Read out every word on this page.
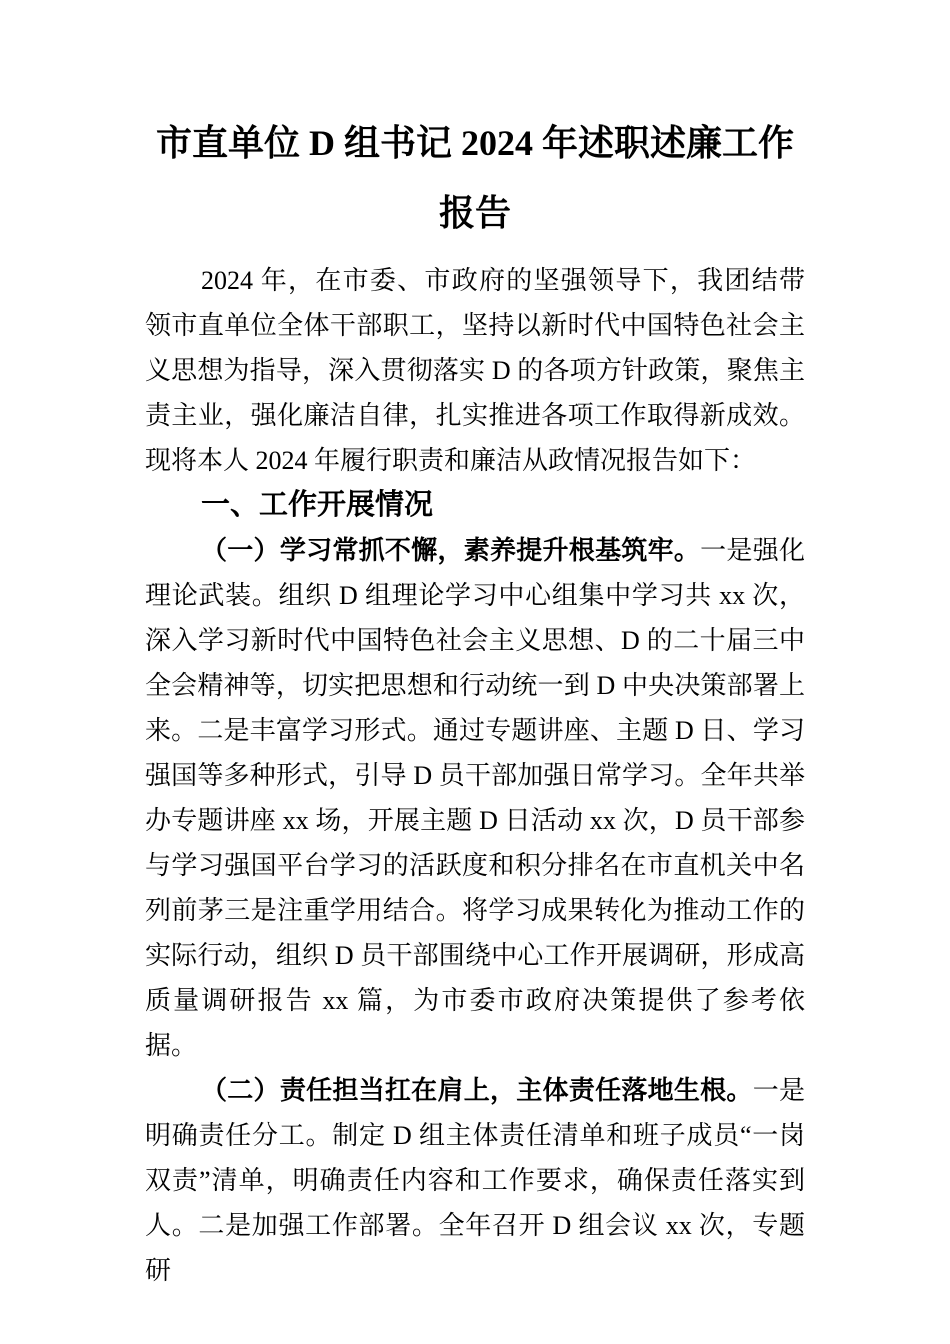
市直单位 D 组书记 2024 年述职述廉工作报告

2024 年，在市委、市政府的坚强领导下，我团结带领市直单位全体干部职工，坚持以新时代中国特色社会主义思想为指导，深入贯彻落实 D 的各项方针政策，聚焦主责主业，强化廉洁自律，扎实推进各项工作取得新成效。现将本人 2024 年履行职责和廉洁从政情况报告如下：

一、工作开展情况

（一）学习常抓不懈，素养提升根基筑牢。一是强化理论武装。组织 D 组理论学习中心组集中学习共 xx 次，深入学习新时代中国特色社会主义思想、D 的二十届三中全会精神等，切实把思想和行动统一到 D 中央决策部署上来。二是丰富学习形式。通过专题讲座、主题 D 日、学习强国等多种形式，引导 D 员干部加强日常学习。全年共举办专题讲座 xx 场，开展主题 D 日活动 xx 次，D 员干部参与学习强国平台学习的活跃度和积分排名在市直机关中名列前茅三是注重学用结合。将学习成果转化为推动工作的实际行动，组织 D 员干部围绕中心工作开展调研，形成高质量调研报告 xx 篇，为市委市政府决策提供了参考依据。

（二）责任担当扛在肩上，主体责任落地生根。一是明确责任分工。制定 D 组主体责任清单和班子成员“一岗双责”清单，明确责任内容和工作要求，确保责任落实到人。二是加强工作部署。全年召开 D 组会议 xx 次，专题研
